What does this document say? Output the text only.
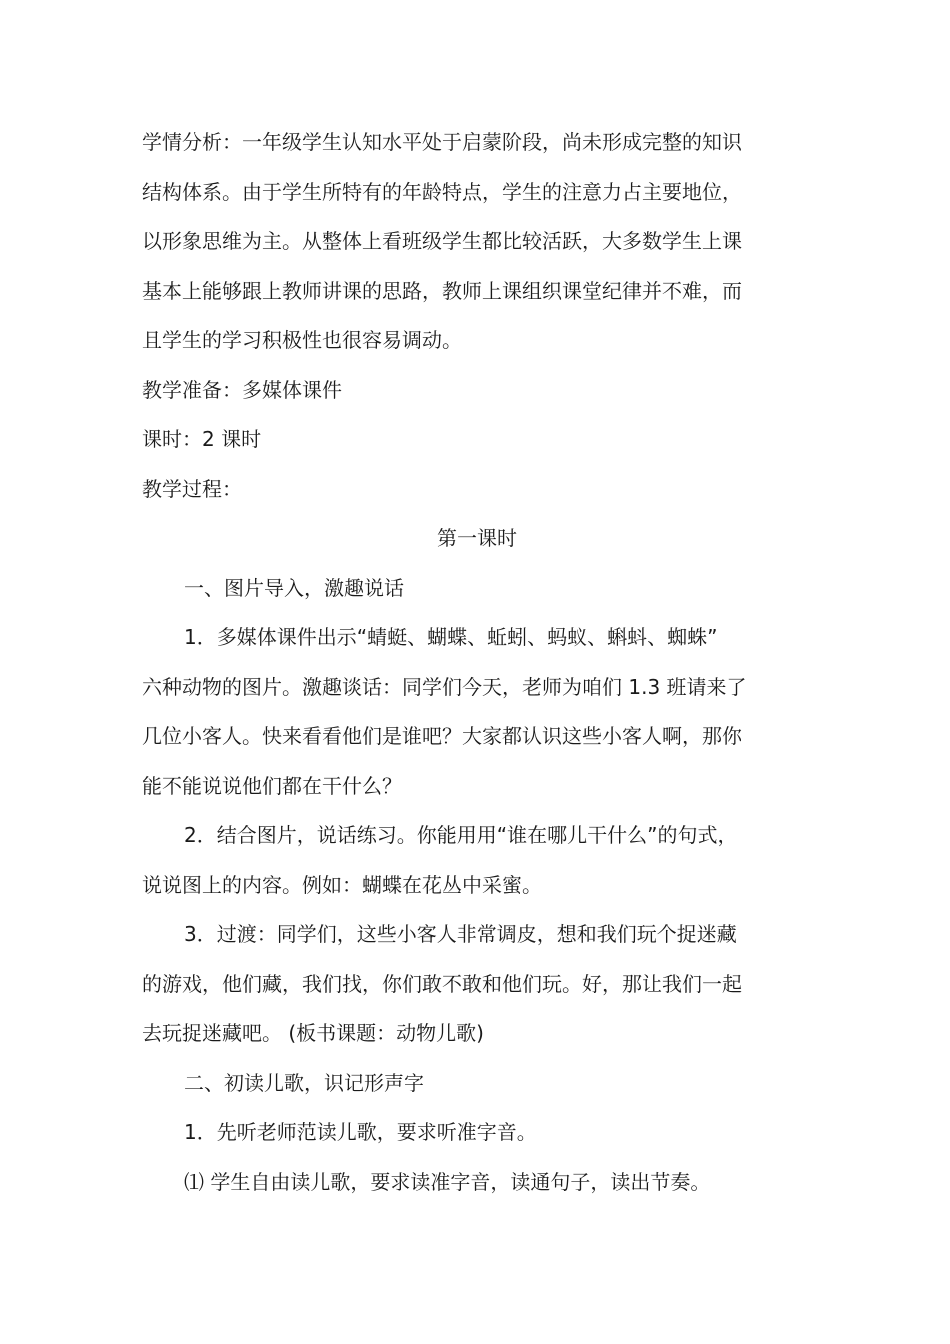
学情分析：一年级学生认知水平处于启蒙阶段，尚未形成完整的知识

结构体系。由于学生所特有的年龄特点，学生的注意力占主要地位，

以形象思维为主。从整体上看班级学生都比较活跃，大多数学生上课

基本上能够跟上教师讲课的思路，教师上课组织课堂纪律并不难，而

且学生的学习积极性也很容易调动。

教学准备：多媒体课件

课时：2 课时

教学过程：

第一课时

一、图片导入，激趣说话

1．多媒体课件出示“蜻蜓、蝴蝶、蚯蚓、蚂蚁、蝌蚪、蜘蛛”

六种动物的图片。激趣谈话：同学们今天，老师为咱们 1.3 班请来了

几位小客人。快来看看他们是谁吧？大家都认识这些小客人啊，那你

能不能说说他们都在干什么？

2．结合图片，说话练习。你能用用“谁在哪儿干什么”的句式，

说说图上的内容。例如：蝴蝶在花丛中采蜜。

3．过渡：同学们，这些小客人非常调皮，想和我们玩个捉迷藏

的游戏，他们藏，我们找，你们敢不敢和他们玩。好，那让我们一起

去玩捉迷藏吧。 (板书课题：动物儿歌)

二、初读儿歌，识记形声字

1．先听老师范读儿歌，要求听准字音。

⑴ 学生自由读儿歌，要求读准字音，读通句子，读出节奏。
